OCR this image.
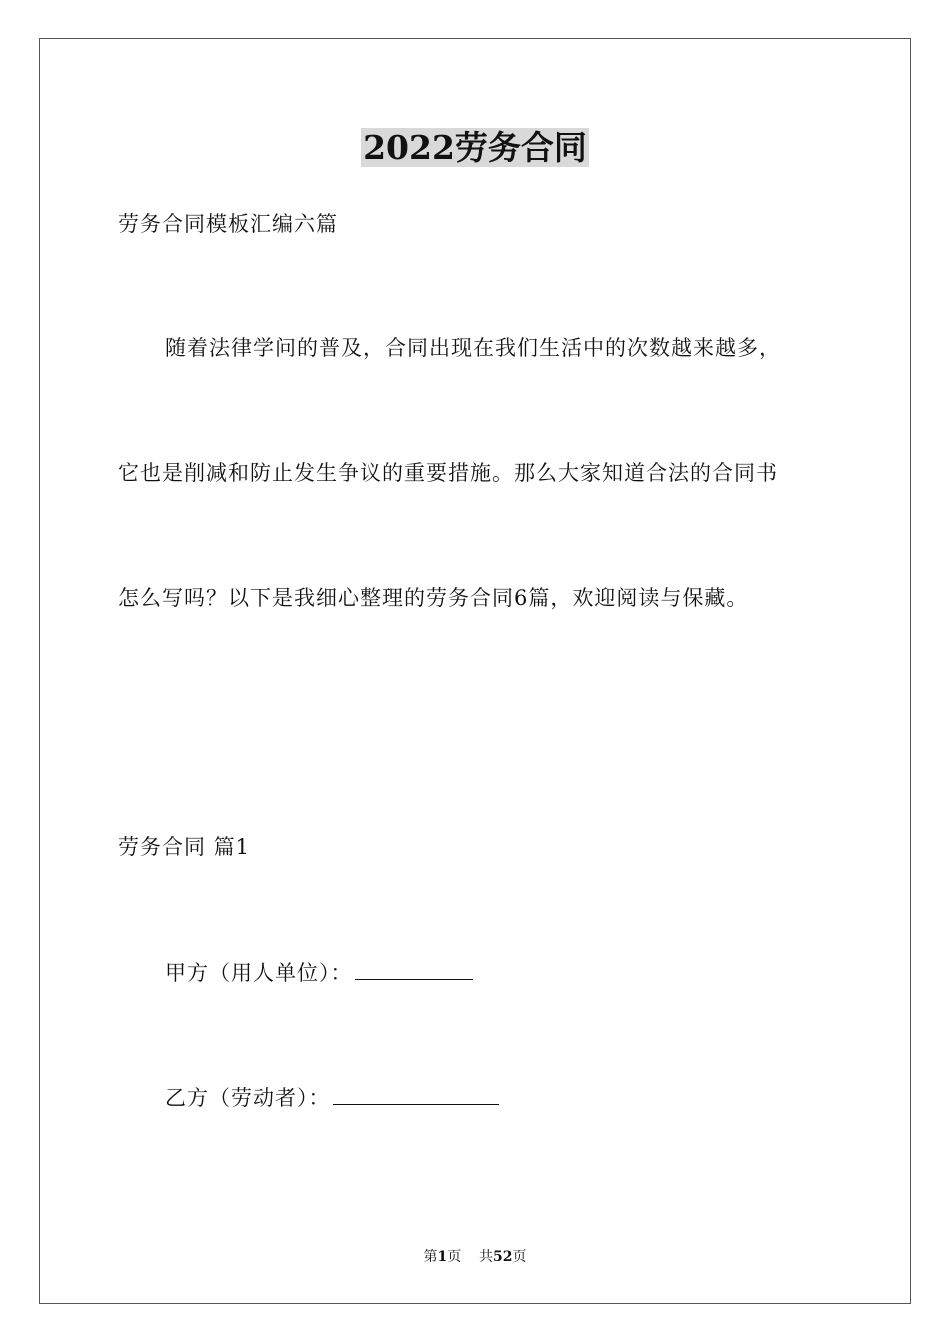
2022劳务合同
劳务合同模板汇编六篇
随着法律学问的普及，合同出现在我们生活中的次数越来越多，
它也是削减和防止发生争议的重要措施。那么大家知道合法的合同书
怎么写吗？以下是我细心整理的劳务合同6篇，欢迎阅读与保藏。
劳务合同 篇1
甲方（用人单位）：
乙方（劳动者）：
第1页 共52页
